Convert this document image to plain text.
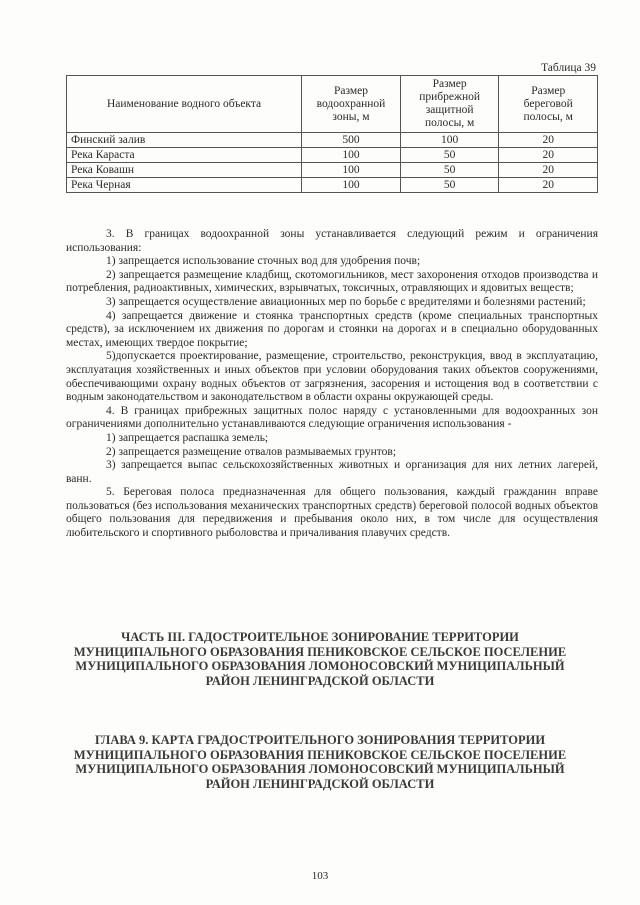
Таблица 39
Наименование водного объекта	Размер
водоохранной
зоны, м	Размер
прибрежной
защитной
полосы, м	Размер
береговой
полосы, м
Финский залив	500	100	20
Река Караста	100	50	20
Река Ковашн	100	50	20
Река Черная	100	50	20

3. В границах водоохранной зоны устанавливается следующий режим и ограничения использования:

1) запрещается использование сточных вод для удобрения почв;

2) запрещается размещение кладбищ, скотомогильников, мест захоронения отходов производства и потребления, радиоактивных, химических, взрывчатых, токсичных, отравляющих и ядовитых веществ;

3) запрещается осуществление авиационных мер по борьбе с вредителями и болезнями растений;

4) запрещается движение и стоянка транспортных средств (кроме специальных транспортных средств), за исключением их движения по дорогам и стоянки на дорогах и в специально оборудованных местах, имеющих твердое покрытие;

5)допускается проектирование, размещение, строительство, реконструкция, ввод в эксплуатацию, эксплуатация хозяйственных и иных объектов при условии оборудования таких объектов сооружениями, обеспечивающими охрану водных объектов от загрязнения, засорения и истощения вод в соответствии с водным законодательством и законодательством в области охраны окружающей среды.

4. В границах прибрежных защитных полос наряду с установленными для водоохранных зон ограничениями дополнительно устанавливаются следующие ограничения использования -

1) запрещается распашка земель;

2) запрещается размещение отвалов размываемых грунтов;

3) запрещается выпас сельскохозяйственных животных и организация для них летних лагерей, ванн.

5. Береговая полоса предназначенная для общего пользования, каждый гражданин вправе пользоваться (без использования механических транспортных средств) береговой полосой водных объектов общего пользования для передвижения и пребывания около них, в том числе для осуществления любительского и спортивного рыболовства и причаливания плавучих средств.

ЧАСТЬ III. ГАДОСТРОИТЕЛЬНОЕ ЗОНИРОВАНИЕ ТЕРРИТОРИИ
МУНИЦИПАЛЬНОГО ОБРАЗОВАНИЯ ПЕНИКОВСКОЕ СЕЛЬСКОЕ ПОСЕЛЕНИЕ
МУНИЦИПАЛЬНОГО ОБРАЗОВАНИЯ ЛОМОНОСОВСКИЙ МУНИЦИПАЛЬНЫЙ
РАЙОН ЛЕНИНГРАДСКОЙ ОБЛАСТИ
ГЛАВА 9. КАРТА ГРАДОСТРОИТЕЛЬНОГО ЗОНИРОВАНИЯ ТЕРРИТОРИИ
МУНИЦИПАЛЬНОГО ОБРАЗОВАНИЯ ПЕНИКОВСКОЕ СЕЛЬСКОЕ ПОСЕЛЕНИЕ
МУНИЦИПАЛЬНОГО ОБРАЗОВАНИЯ ЛОМОНОСОВСКИЙ МУНИЦИПАЛЬНЫЙ
РАЙОН ЛЕНИНГРАДСКОЙ ОБЛАСТИ
103
